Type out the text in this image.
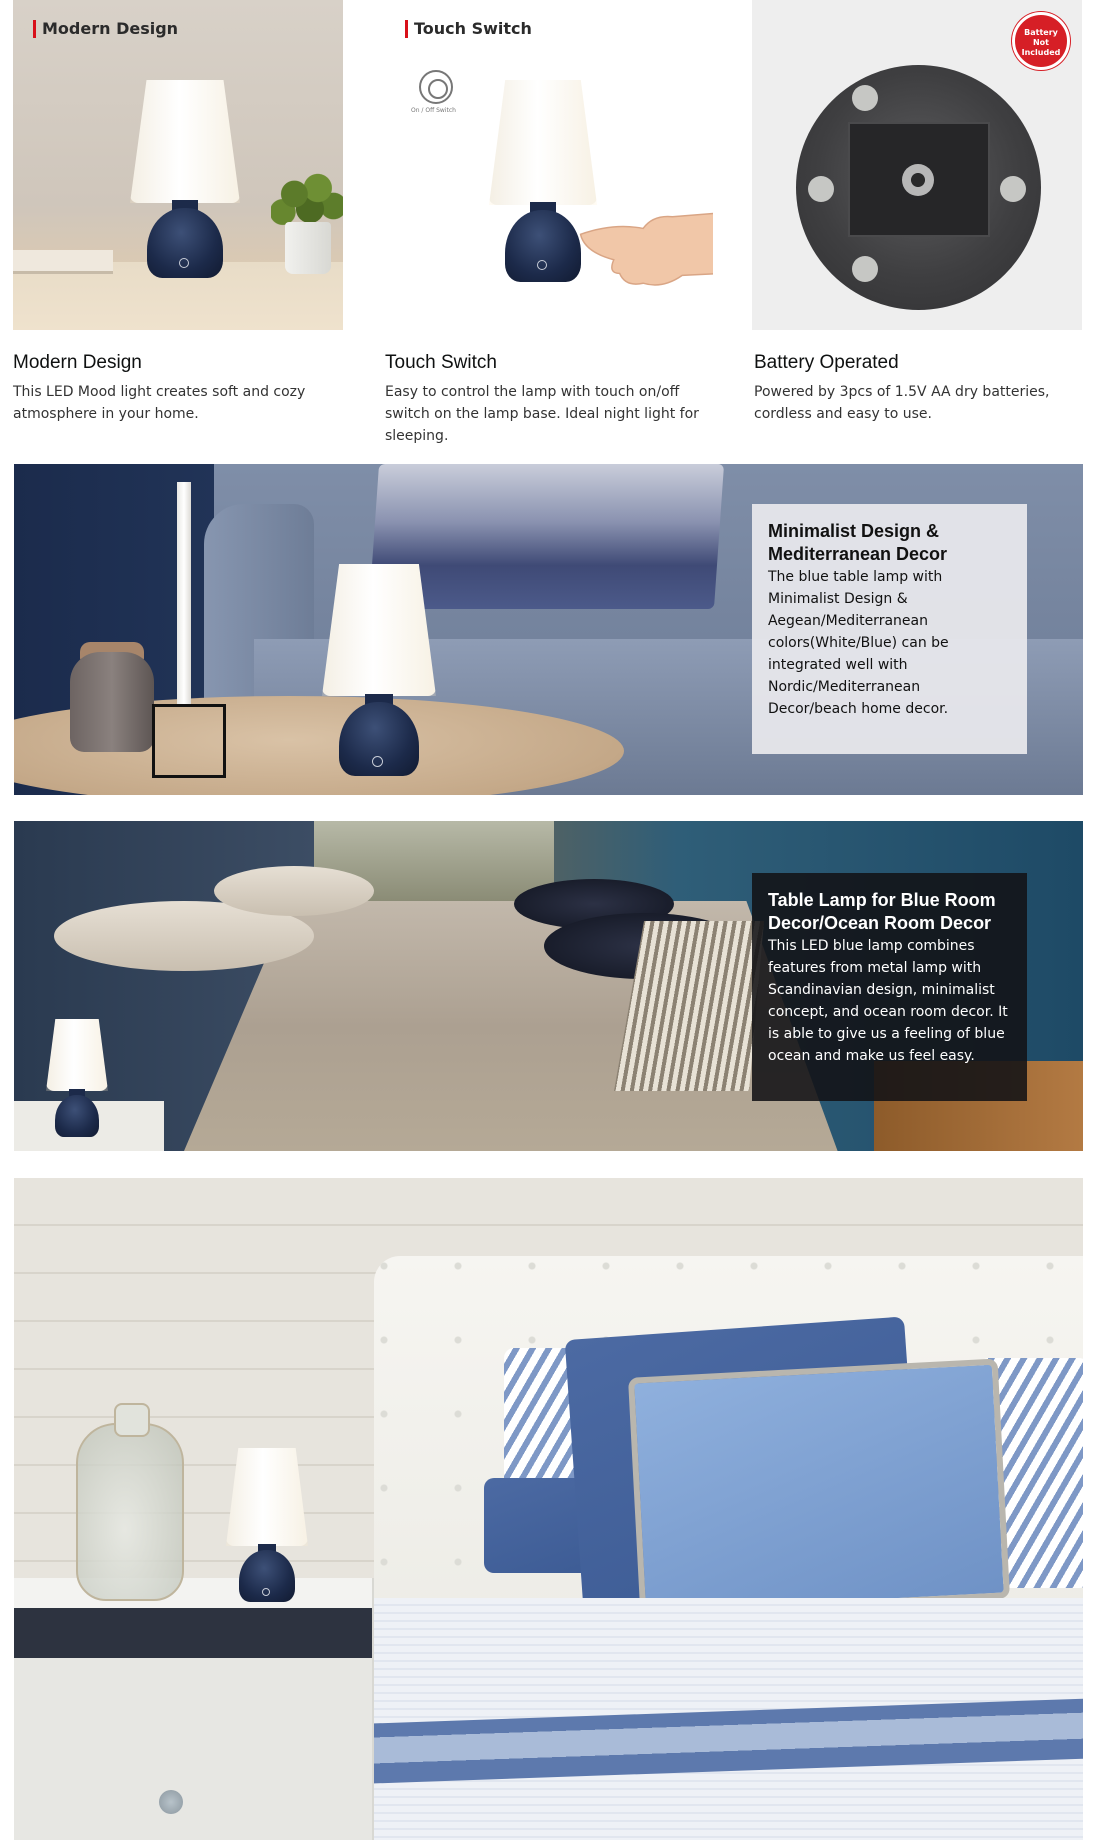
Modern Design	Touch Switch
On / Off Switch
Battery Not Included
Modern Design

This LED Mood light creates soft and cozy atmosphere in your home.

Touch Switch

Easy to control the lamp with touch on/off switch on the lamp base. Ideal night light for sleeping.

Battery Operated

Powered by 3pcs of 1.5V AA dry batteries, cordless and easy to use.

Minimalist Design & Mediterranean Decor

The blue table lamp with Minimalist Design & Aegean/Mediterranean colors(White/Blue) can be integrated well with Nordic/Mediterranean Decor/beach home decor.

Table Lamp for Blue Room Decor/Ocean Room Decor

This LED blue lamp combines features from metal lamp with Scandinavian design, minimalist concept, and ocean room decor. It is able to give us a feeling of blue ocean and make us feel easy.
